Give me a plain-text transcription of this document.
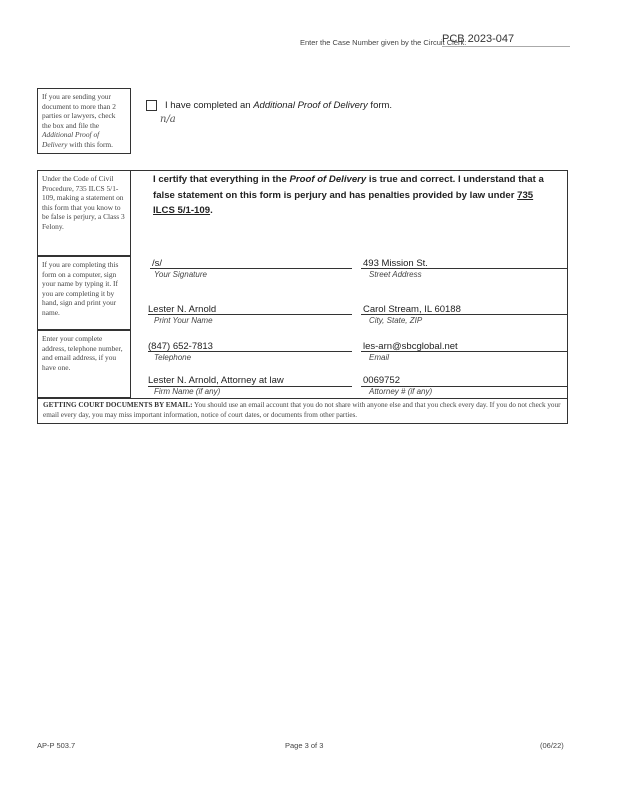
Enter the Case Number given by the Circuit Clerk:
PCB 2023-047
If you are sending your document to more than 2 parties or lawyers, check the box and file the Additional Proof of Delivery with this form.
I have completed an Additional Proof of Delivery form.
n/a
Under the Code of Civil Procedure, 735 ILCS 5/1-109, making a statement on this form that you know to be false is perjury, a Class 3 Felony.
If you are completing this form on a computer, sign your name by typing it. If you are completing it by hand, sign and print your name.
Enter your complete address, telephone number, and email address, if you have one.
I certify that everything in the Proof of Delivery is true and correct. I understand that a false statement on this form is perjury and has penalties provided by law under 735 ILCS 5/1-109.
/s/
Your Signature
493 Mission St.
Street Address
Lester N. Arnold
Print Your Name
Carol Stream, IL 60188
City, State, ZIP
(847) 652-7813
Telephone
les-arn@sbcglobal.net
Email
Lester N. Arnold, Attorney at law
Firm Name (if any)
0069752
Attorney # (if any)
GETTING COURT DOCUMENTS BY EMAIL: You should use an email account that you do not share with anyone else and that you check every day. If you do not check your email every day, you may miss important information, notice of court dates, or documents from other parties.
AP-P 503.7	Page 3 of 3	(06/22)
